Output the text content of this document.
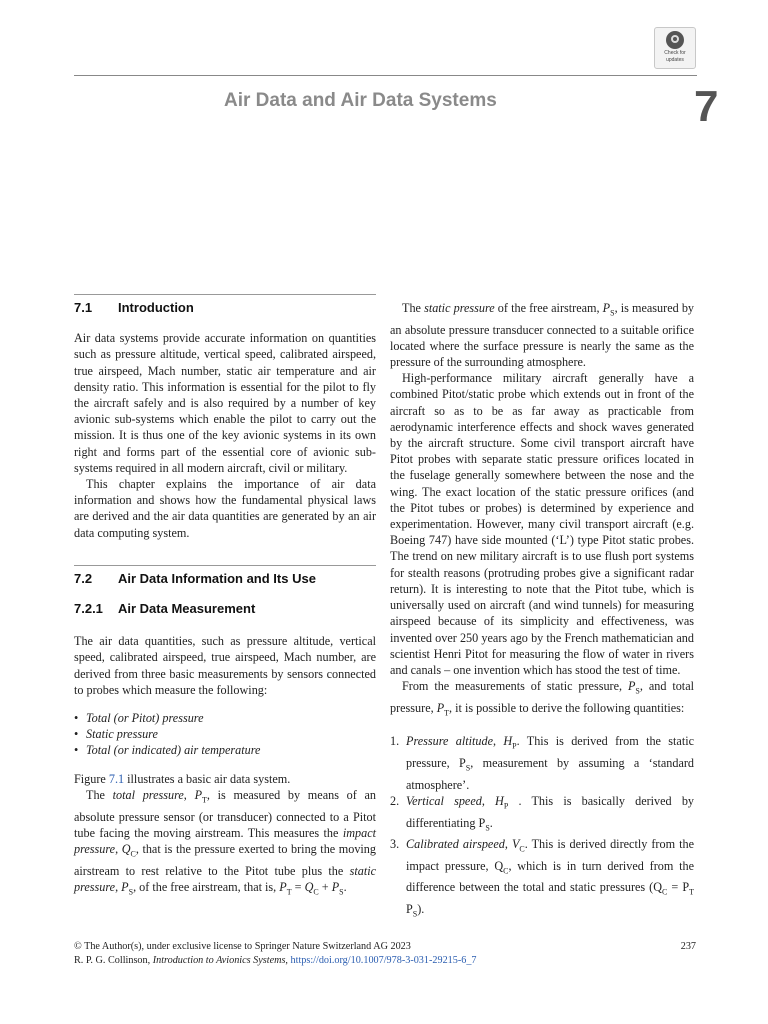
Check for
updates
Air Data and Air Data Systems	7
7.1 Introduction

Air data systems provide accurate information on quantities such as pressure altitude, vertical speed, calibrated airspeed, true airspeed, Mach number, static air temperature and air density ratio. This information is essential for the pilot to fly the aircraft safely and is also required by a number of key avionic sub-systems which enable the pilot to carry out the mission. It is thus one of the key avionic systems in its own right and forms part of the essential core of avionic sub-systems required in all modern aircraft, civil or military.

This chapter explains the importance of air data information and shows how the fundamental physical laws are derived and the air data quantities are generated by an air data computing system.

7.2 Air Data Information and Its Use
7.2.1 Air Data Measurement

The air data quantities, such as pressure altitude, vertical speed, calibrated airspeed, true airspeed, Mach number, are derived from three basic measurements by sensors connected to probes which measure the following:

• Total (or Pitot) pressure
• Static pressure
• Total (or indicated) air temperature

Figure 7.1 illustrates a basic air data system.

The total pressure, $P_T$, is measured by means of an absolute pressure sensor (or transducer) connected to a Pitot tube facing the moving airstream. This measures the impact pressure, $Q_C$, that is the pressure exerted to bring the moving airstream to rest relative to the Pitot tube plus the static pressure, $P_S$, of the free airstream, that is, $P_T = Q_C + P_S$.

The static pressure of the free airstream, $P_S$, is measured by an absolute pressure transducer connected to a suitable orifice located where the surface pressure is nearly the same as the pressure of the surrounding atmosphere.

High-performance military aircraft generally have a combined Pitot/static probe which extends out in front of the aircraft so as to be as far away as practicable from aerodynamic interference effects and shock waves generated by the aircraft structure. Some civil transport aircraft have Pitot probes with separate static pressure orifices located in the fuselage generally somewhere between the nose and the wing. The exact location of the static pressure orifices (and the Pitot tubes or probes) is determined by experience and experimentation. However, many civil transport aircraft (e.g. Boeing 747) have side mounted (‘L’) type Pitot static probes. The trend on new military aircraft is to use flush port systems for stealth reasons (protruding probes give a significant radar return). It is interesting to note that the Pitot tube, which is universally used on aircraft (and wind tunnels) for measuring airspeed because of its simplicity and effectiveness, was invented over 250 years ago by the French mathematician and scientist Henri Pitot for measuring the flow of water in rivers and canals – one invention which has stood the test of time.

From the measurements of static pressure, $P_S$, and total pressure, $P_T$, it is possible to derive the following quantities:

1. Pressure altitude, $H_P$. This is derived from the static pressure, $P_S$, measurement by assuming a ‘standard atmosphere’.
2. Vertical speed, $H_P$ . This is basically derived by differentiating $P_S$.
3. Calibrated airspeed, $V_C$. This is derived directly from the impact pressure, $Q_C$, which is in turn derived from the difference between the total and static pressures ($Q_C = P_T$ $P_S$).
© The Author(s), under exclusive license to Springer Nature Switzerland AG 2023	237
R. P. G. Collinson, Introduction to Avionics Systems, https://doi.org/10.1007/978-3-031-29215-6_7
